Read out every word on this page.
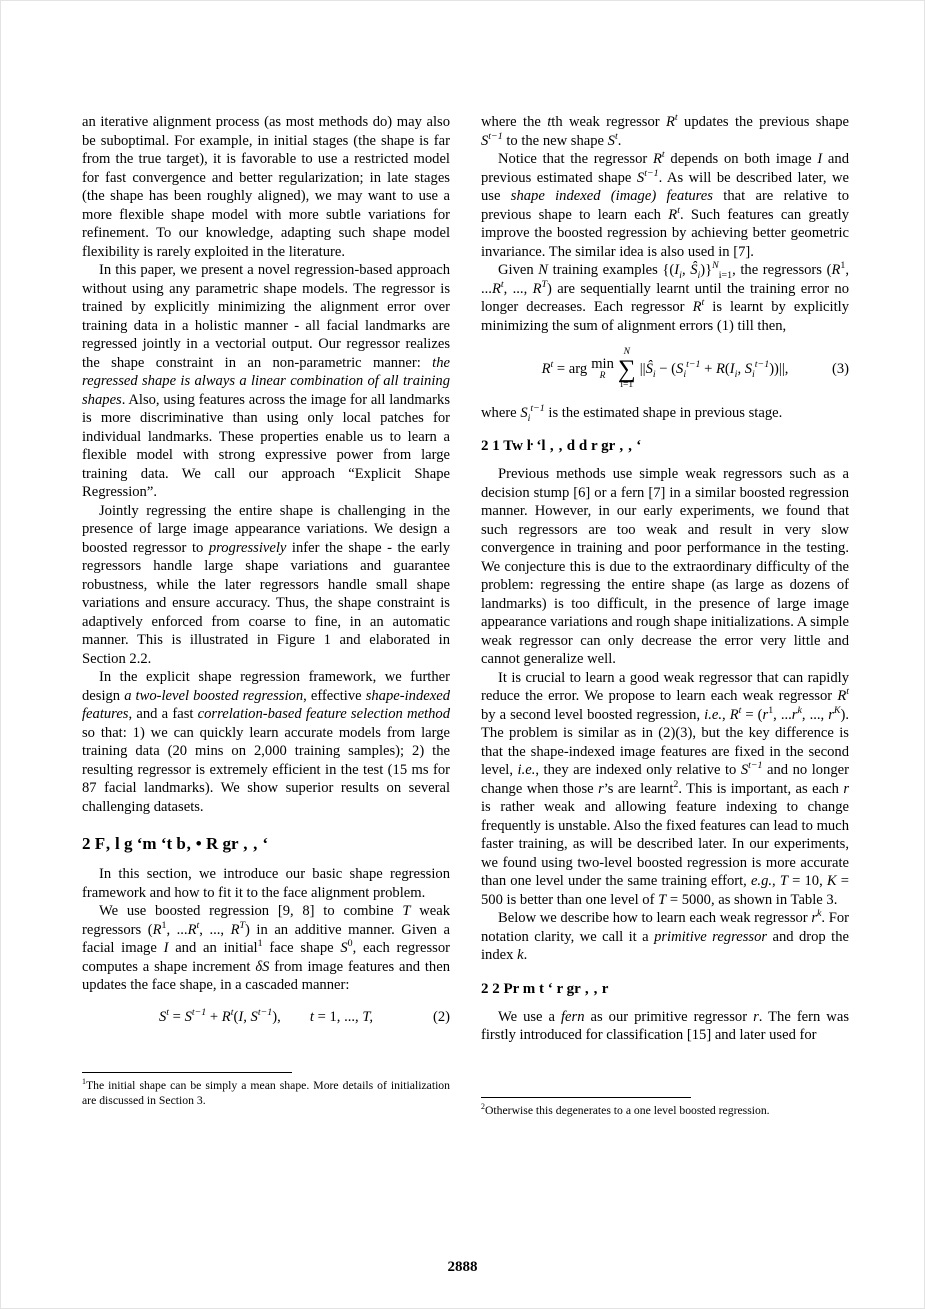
an iterative alignment process (as most methods do) may also be suboptimal. For example, in initial stages (the shape is far from the true target), it is favorable to use a restricted model for fast convergence and better regularization; in late stages (the shape has been roughly aligned), we may want to use a more flexible shape model with more subtle variations for refinement. To our knowledge, adapting such shape model flexibility is rarely exploited in the literature.

In this paper, we present a novel regression-based approach without using any parametric shape models. The regressor is trained by explicitly minimizing the alignment error over training data in a holistic manner - all facial landmarks are regressed jointly in a vectorial output. Our regressor realizes the shape constraint in an non-parametric manner: the regressed shape is always a linear combination of all training shapes. Also, using features across the image for all landmarks is more discriminative than using only local patches for individual landmarks. These properties enable us to learn a flexible model with strong expressive power from large training data. We call our approach “Explicit Shape Regression”.

Jointly regressing the entire shape is challenging in the presence of large image appearance variations. We design a boosted regressor to progressively infer the shape - the early regressors handle large shape variations and guarantee robustness, while the later regressors handle small shape variations and ensure accuracy. Thus, the shape constraint is adaptively enforced from coarse to fine, in an automatic manner. This is illustrated in Figure 1 and elaborated in Section 2.2.

In the explicit shape regression framework, we further design a two-level boosted regression, effective shape-indexed features, and a fast correlation-based feature selection method so that: 1) we can quickly learn accurate models from large training data (20 mins on 2,000 training samples); 2) the resulting regressor is extremely efficient in the test (15 ms for 87 facial landmarks). We show superior results on several challenging datasets.

2 F‚ l g ʻm ʻt b‚ • R gr ‚ ‚ ʻ

In this section, we introduce our basic shape regression framework and how to fit it to the face alignment problem.

We use boosted regression [9, 8] to combine T weak regressors ($R^1$, $...R^t$, ..., $R^T$) in an additive manner. Given a facial image I and an initial$^1$ face shape $S^0$, each regressor computes a shape increment δS from image features and then updates the face shape, in a cascaded manner:

$S^t = S^{t-1} + R^t(I$, $S^{t-1}$),   t = 1, ..., T,	(2)

$^1$The initial shape can be simply a mean shape. More details of initialization are discussed in Section 3.

where the tth weak regressor $R^t$ updates the previous shape $S^{t-1}$ to the new shape $S^t$.

Notice that the regressor $R^t$ depends on both image I and previous estimated shape $S^{t-1}$. As will be described later, we use shape indexed (image) features that are relative to previous shape to learn each $R^t$. Such features can greatly improve the boosted regression by achieving better geometric invariance. The similar idea is also used in [7].

Given N training examples {($I_i$, $Ŝ_i)\}^N_{i=1}$, the regressors ($R^1$, $...R^t$, ..., $R^T$) are sequentially learnt until the training error no longer decreases. Each regressor $R^t$ is learnt by explicitly minimizing the sum of alignment errors (1) till then,

$R^t$ = arg min
R
N
∑
i=1
$||Ŝ_i - (S_i^{t-1} + R(I_i$, $S_i^{t-1}))||$,	(3)

where $S_i^{t-1}$ is the estimated shape in previous stage.

2 1 Tw ŀ ʻl ‚ ‚ d d r gr ‚ ‚ ʻ

Previous methods use simple weak regressors such as a decision stump [6] or a fern [7] in a similar boosted regression manner. However, in our early experiments, we found that such regressors are too weak and result in very slow convergence in training and poor performance in the testing. We conjecture this is due to the extraordinary difficulty of the problem: regressing the entire shape (as large as dozens of landmarks) is too difficult, in the presence of large image appearance variations and rough shape initializations. A simple weak regressor can only decrease the error very little and cannot generalize well.

It is crucial to learn a good weak regressor that can rapidly reduce the error. We propose to learn each weak regressor $R^t$ by a second level boosted regression, i.e., $R^t = (r^1$, $...r^k$, ..., $r^K$). The problem is similar as in (2)(3), but the key difference is that the shape-indexed image features are fixed in the second level, i.e., they are indexed only relative to $S^{t-1}$ and no longer change when those r’s are learnt$^2$. This is important, as each r is rather weak and allowing feature indexing to change frequently is unstable. Also the fixed features can lead to much faster training, as will be described later. In our experiments, we found using two-level boosted regression is more accurate than one level under the same training effort, e.g., T = 10, K = 500 is better than one level of T = 5000, as shown in Table 3.

Below we describe how to learn each weak regressor $r^k$. For notation clarity, we call it a primitive regressor and drop the index k.

2 2 Pr m t ʻ r gr ‚ ‚ r

We use a fern as our primitive regressor r. The fern was firstly introduced for classification [15] and later used for

$^2$Otherwise this degenerates to a one level boosted regression.

2888
